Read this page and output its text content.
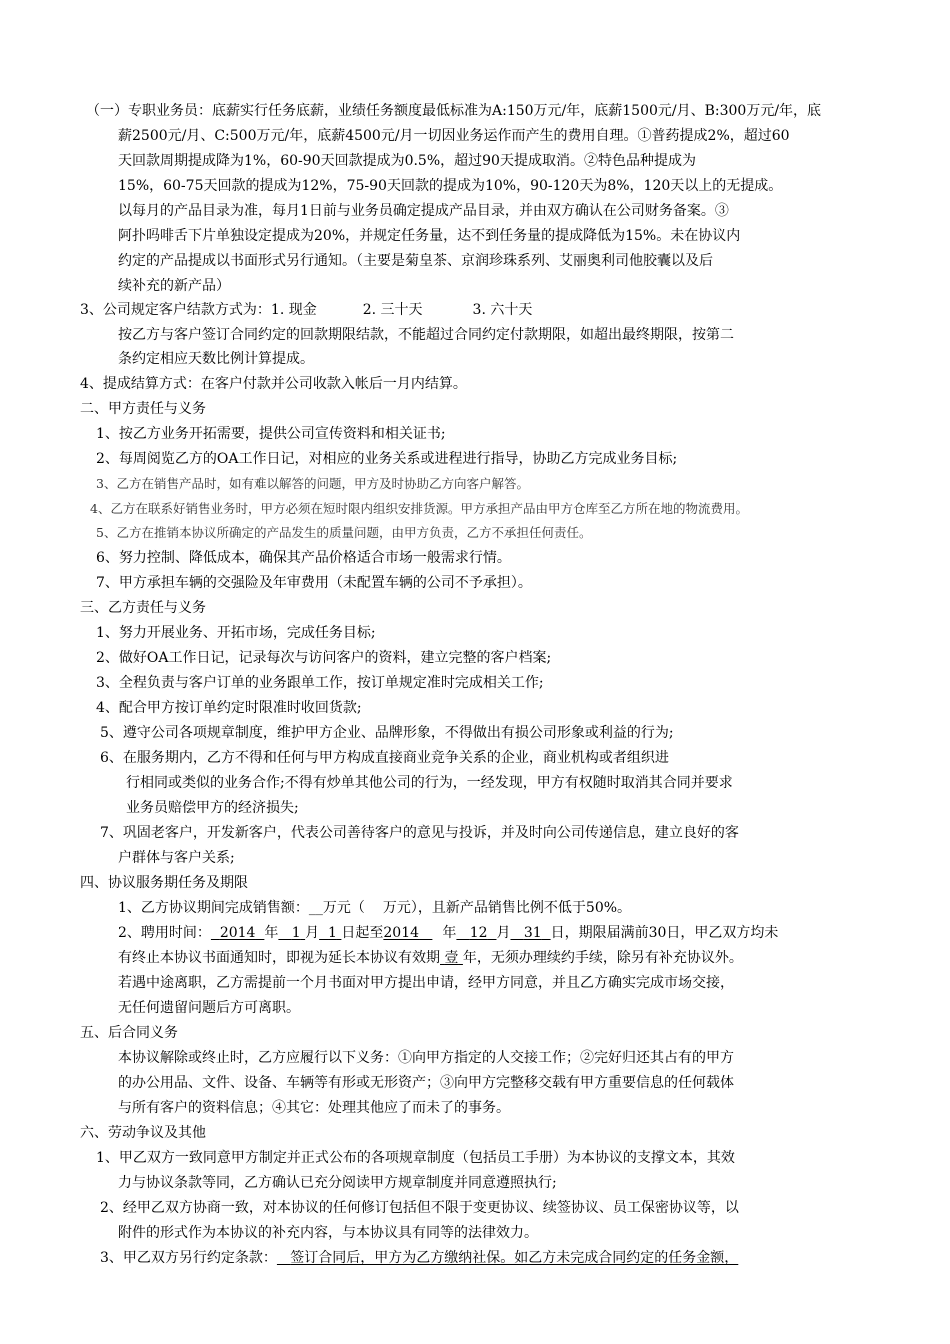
（一）专职业务员：底薪实行任务底薪，业绩任务额度最低标准为A:150万元/年，底薪1500元/月、B:300万元/年，底
薪2500元/月、C:500万元/年，底薪4500元/月一切因业务运作而产生的费用自理。①普药提成2%，超过60
天回款周期提成降为1%，60-90天回款提成为0.5%，超过90天提成取消。②特色品种提成为
15%，60-75天回款的提成为12%，75-90天回款的提成为10%，90-120天为8%，120天以上的无提成。
以每月的产品目录为准，每月1日前与业务员确定提成产品目录，并由双方确认在公司财务备案。③
阿扑吗啡舌下片单独设定提成为20%，并规定任务量，达不到任务量的提成降低为15%。未在协议内
约定的产品提成以书面形式另行通知。（主要是菊皇茶、京润珍珠系列、艾丽奥利司他胶囊以及后
续补充的新产品）
3、公司规定客户结款方式为：1. 现金	2. 三十天	3. 六十天
按乙方与客户签订合同约定的回款期限结款，不能超过合同约定付款期限，如超出最终期限，按第二
条约定相应天数比例计算提成。
4、提成结算方式：在客户付款并公司收款入帐后一月内结算。
二、甲方责任与义务
1、按乙方业务开拓需要，提供公司宣传资料和相关证书;
2、每周阅览乙方的OA工作日记，对相应的业务关系或进程进行指导，协助乙方完成业务目标;
3、乙方在销售产品时，如有难以解答的问题，甲方及时协助乙方向客户解答。
4、乙方在联系好销售业务时，甲方必须在短时限内组织安排货源。甲方承担产品由甲方仓库至乙方所在地的物流费用。
5、乙方在推销本协议所确定的产品发生的质量问题，由甲方负责，乙方不承担任何责任。
6、努力控制、降低成本，确保其产品价格适合市场一般需求行情。
7、甲方承担车辆的交强险及年审费用（未配置车辆的公司不予承担）。
三、乙方责任与义务
1、努力开展业务、开拓市场，完成任务目标;
2、做好OA工作日记，记录每次与访问客户的资料，建立完整的客户档案;
3、全程负责与客户订单的业务跟单工作，按订单规定准时完成相关工作;
4、配合甲方按订单约定时限准时收回货款;
5、遵守公司各项规章制度，维护甲方企业、品牌形象，不得做出有损公司形象或利益的行为;
6、在服务期内，乙方不得和任何与甲方构成直接商业竞争关系的企业，商业机构或者组织进
行相同或类似的业务合作;不得有炒单其他公司的行为，一经发现，甲方有权随时取消其合同并要求
业务员赔偿甲方的经济损失;
7、巩固老客户，开发新客户，代表公司善待客户的意见与投诉，并及时向公司传递信息，建立良好的客
户群体与客户关系;
四、协议服务期任务及期限
1、乙方协议期间完成销售额：__万元（ 万元），且新产品销售比例不低于50%。
2、聘用时间： 2014 年 1 月 1 日起至2014 年 12 月 31 日，期限届满前30日，甲乙双方均未
有终止本协议书面通知时，即视为延长本协议有效期 壹 年，无须办理续约手续，除另有补充协议外。
若遇中途离职，乙方需提前一个月书面对甲方提出申请，经甲方同意，并且乙方确实完成市场交接，
无任何遗留问题后方可离职。
五、后合同义务
本协议解除或终止时，乙方应履行以下义务：①向甲方指定的人交接工作；②完好归还其占有的甲方
的办公用品、文件、设备、车辆等有形或无形资产；③向甲方完整移交载有甲方重要信息的任何载体
与所有客户的资料信息；④其它：处理其他应了而未了的事务。
六、劳动争议及其他
1、甲乙双方一致同意甲方制定并正式公布的各项规章制度（包括员工手册）为本协议的支撑文本，其效
力与协议条款等同，乙方确认已充分阅读甲方规章制度并同意遵照执行;
2、经甲乙双方协商一致，对本协议的任何修订包括但不限于变更协议、续签协议、员工保密协议等，以
附件的形式作为本协议的补充内容，与本协议具有同等的法律效力。
3、甲乙双方另行约定条款： 签订合同后，甲方为乙方缴纳社保。如乙方未完成合同约定的任务金额，
